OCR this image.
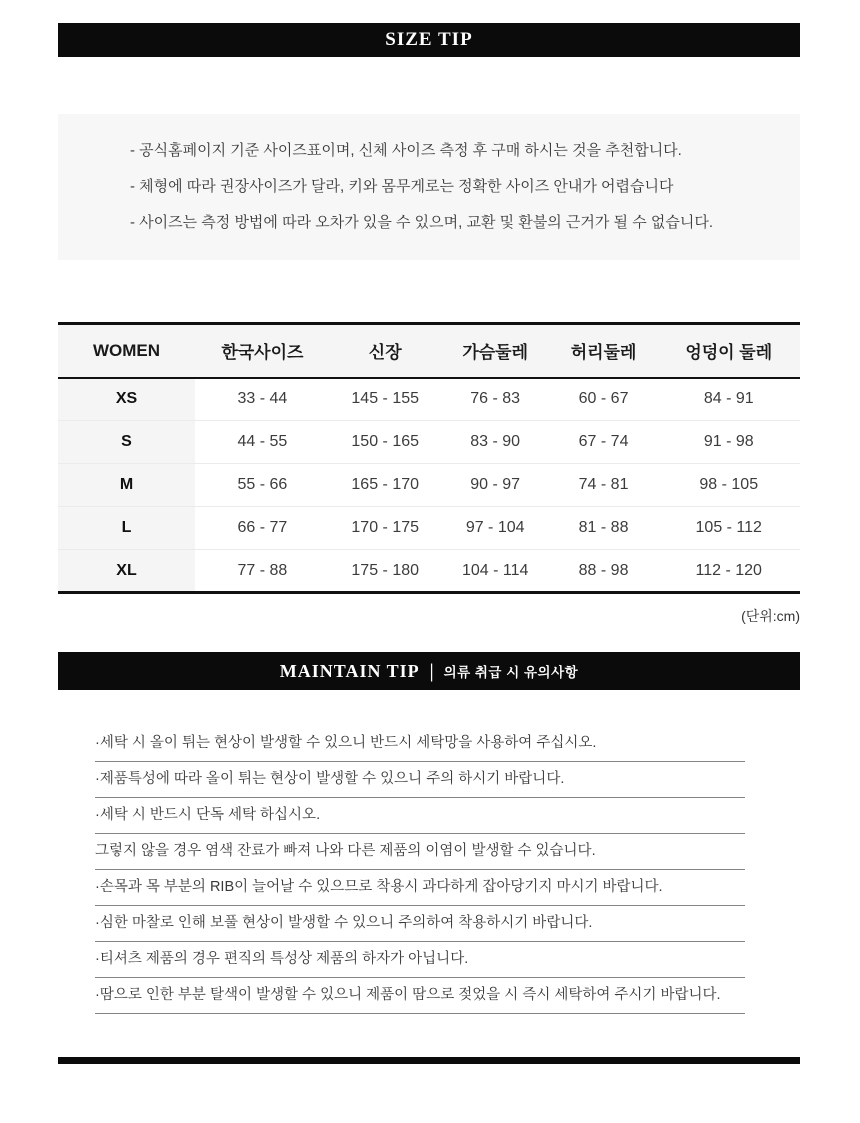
SIZE TIP
- 공식홈페이지 기준 사이즈표이며, 신체 사이즈 측정 후 구매 하시는 것을 추천합니다.
- 체형에 따라 권장사이즈가 달라, 키와 몸무게로는 정확한 사이즈 안내가 어렵습니다
- 사이즈는 측정 방법에 따라 오차가 있을 수 있으며, 교환 및 환불의 근거가 될 수 없습니다.
WOMEN	한국사이즈	신장	가슴둘레	허리둘레	엉덩이 둘레
XS	33 - 44	145 - 155	76 - 83	60 - 67	84 - 91
S	44 - 55	150 - 165	83 - 90	67 - 74	91 - 98
M	55 - 66	165 - 170	90 - 97	74 - 81	98 - 105
L	66 - 77	170 - 175	97 - 104	81 - 88	105 - 112
XL	77 - 88	175 - 180	104 - 114	88 - 98	112 - 120
(단위:cm)
MAINTAIN TIP | 의류 취급 시 유의사항
·세탁 시 올이 튀는 현상이 발생할 수 있으니 반드시 세탁망을 사용하여 주십시오.
·제품특성에 따라 올이 튀는 현상이 발생할 수 있으니 주의 하시기 바랍니다.
·세탁 시 반드시 단독 세탁 하십시오.
그렇지 않을 경우 염색 잔료가 빠져 나와 다른 제품의 이염이 발생할 수 있습니다.
·손목과 목 부분의 RIB이 늘어날 수 있으므로 착용시 과다하게 잡아당기지 마시기 바랍니다.
·심한 마찰로 인해 보풀 현상이 발생할 수 있으니 주의하여 착용하시기 바랍니다.
·티셔츠 제품의 경우 편직의 특성상 제품의 하자가 아닙니다.
·땀으로 인한 부분 탈색이 발생할 수 있으니 제품이 땀으로 젖었을 시 즉시 세탁하여 주시기 바랍니다.
